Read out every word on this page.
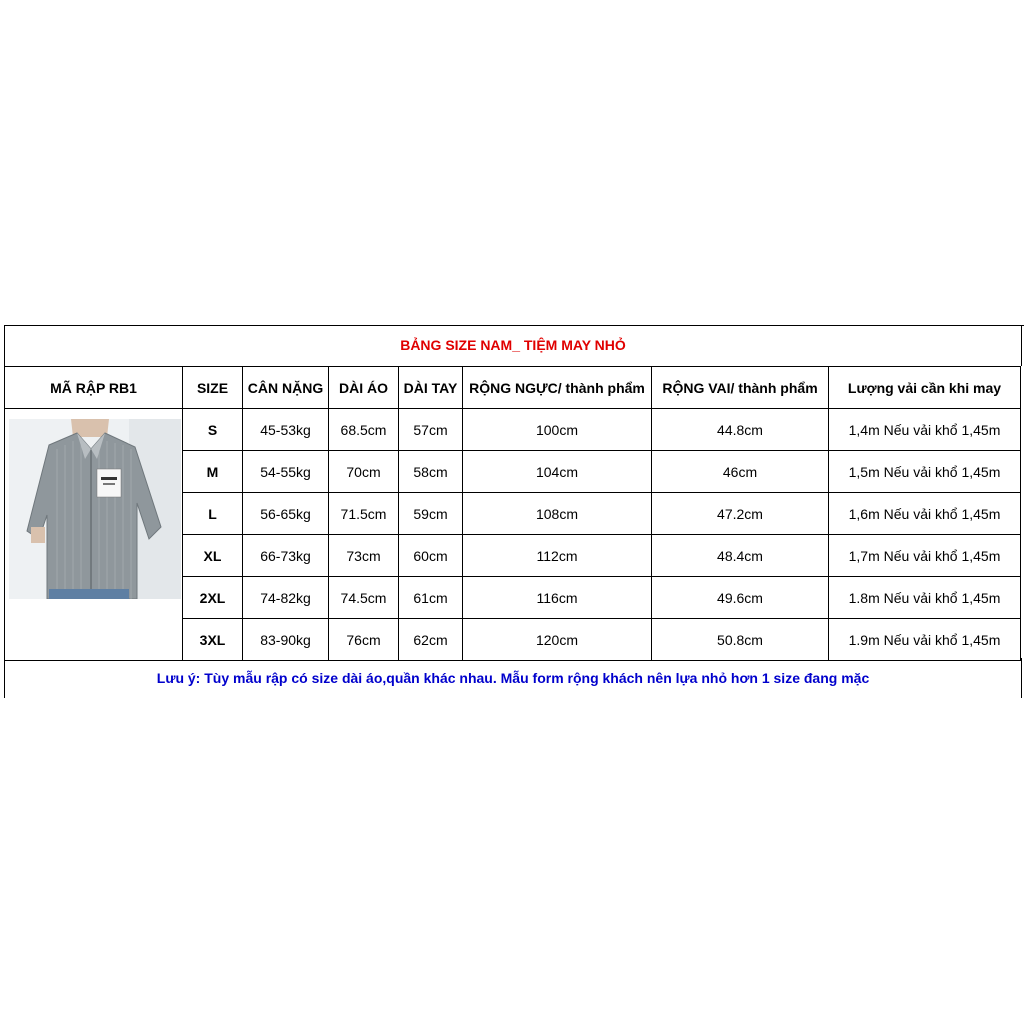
BẢNG SIZE NAM_ TIỆM MAY NHỎ
MÃ RẬP RB1	SIZE	CÂN NẶNG	DÀI ÁO	DÀI TAY	RỘNG NGỰC/ thành phẩm	RỘNG VAI/ thành phẩm	Lượng vải cần khi may

	S	45-53kg	68.5cm	57cm	100cm	44.8cm	1,4m Nếu vải khổ 1,45m
	M	54-55kg	70cm	58cm	104cm	46cm	1,5m Nếu vải khổ 1,45m
	L	56-65kg	71.5cm	59cm	108cm	47.2cm	1,6m Nếu vải khổ 1,45m
	XL	66-73kg	73cm	60cm	112cm	48.4cm	1,7m Nếu vải khổ 1,45m
	2XL	74-82kg	74.5cm	61cm	116cm	49.6cm	1.8m Nếu vải khổ 1,45m
	3XL	83-90kg	76cm	62cm	120cm	50.8cm	1.9m Nếu vải khổ 1,45m
Lưu ý: Tùy mẫu rập có size dài áo,quần khác nhau. Mẫu form rộng khách nên lựa nhỏ hơn 1 size đang mặc
